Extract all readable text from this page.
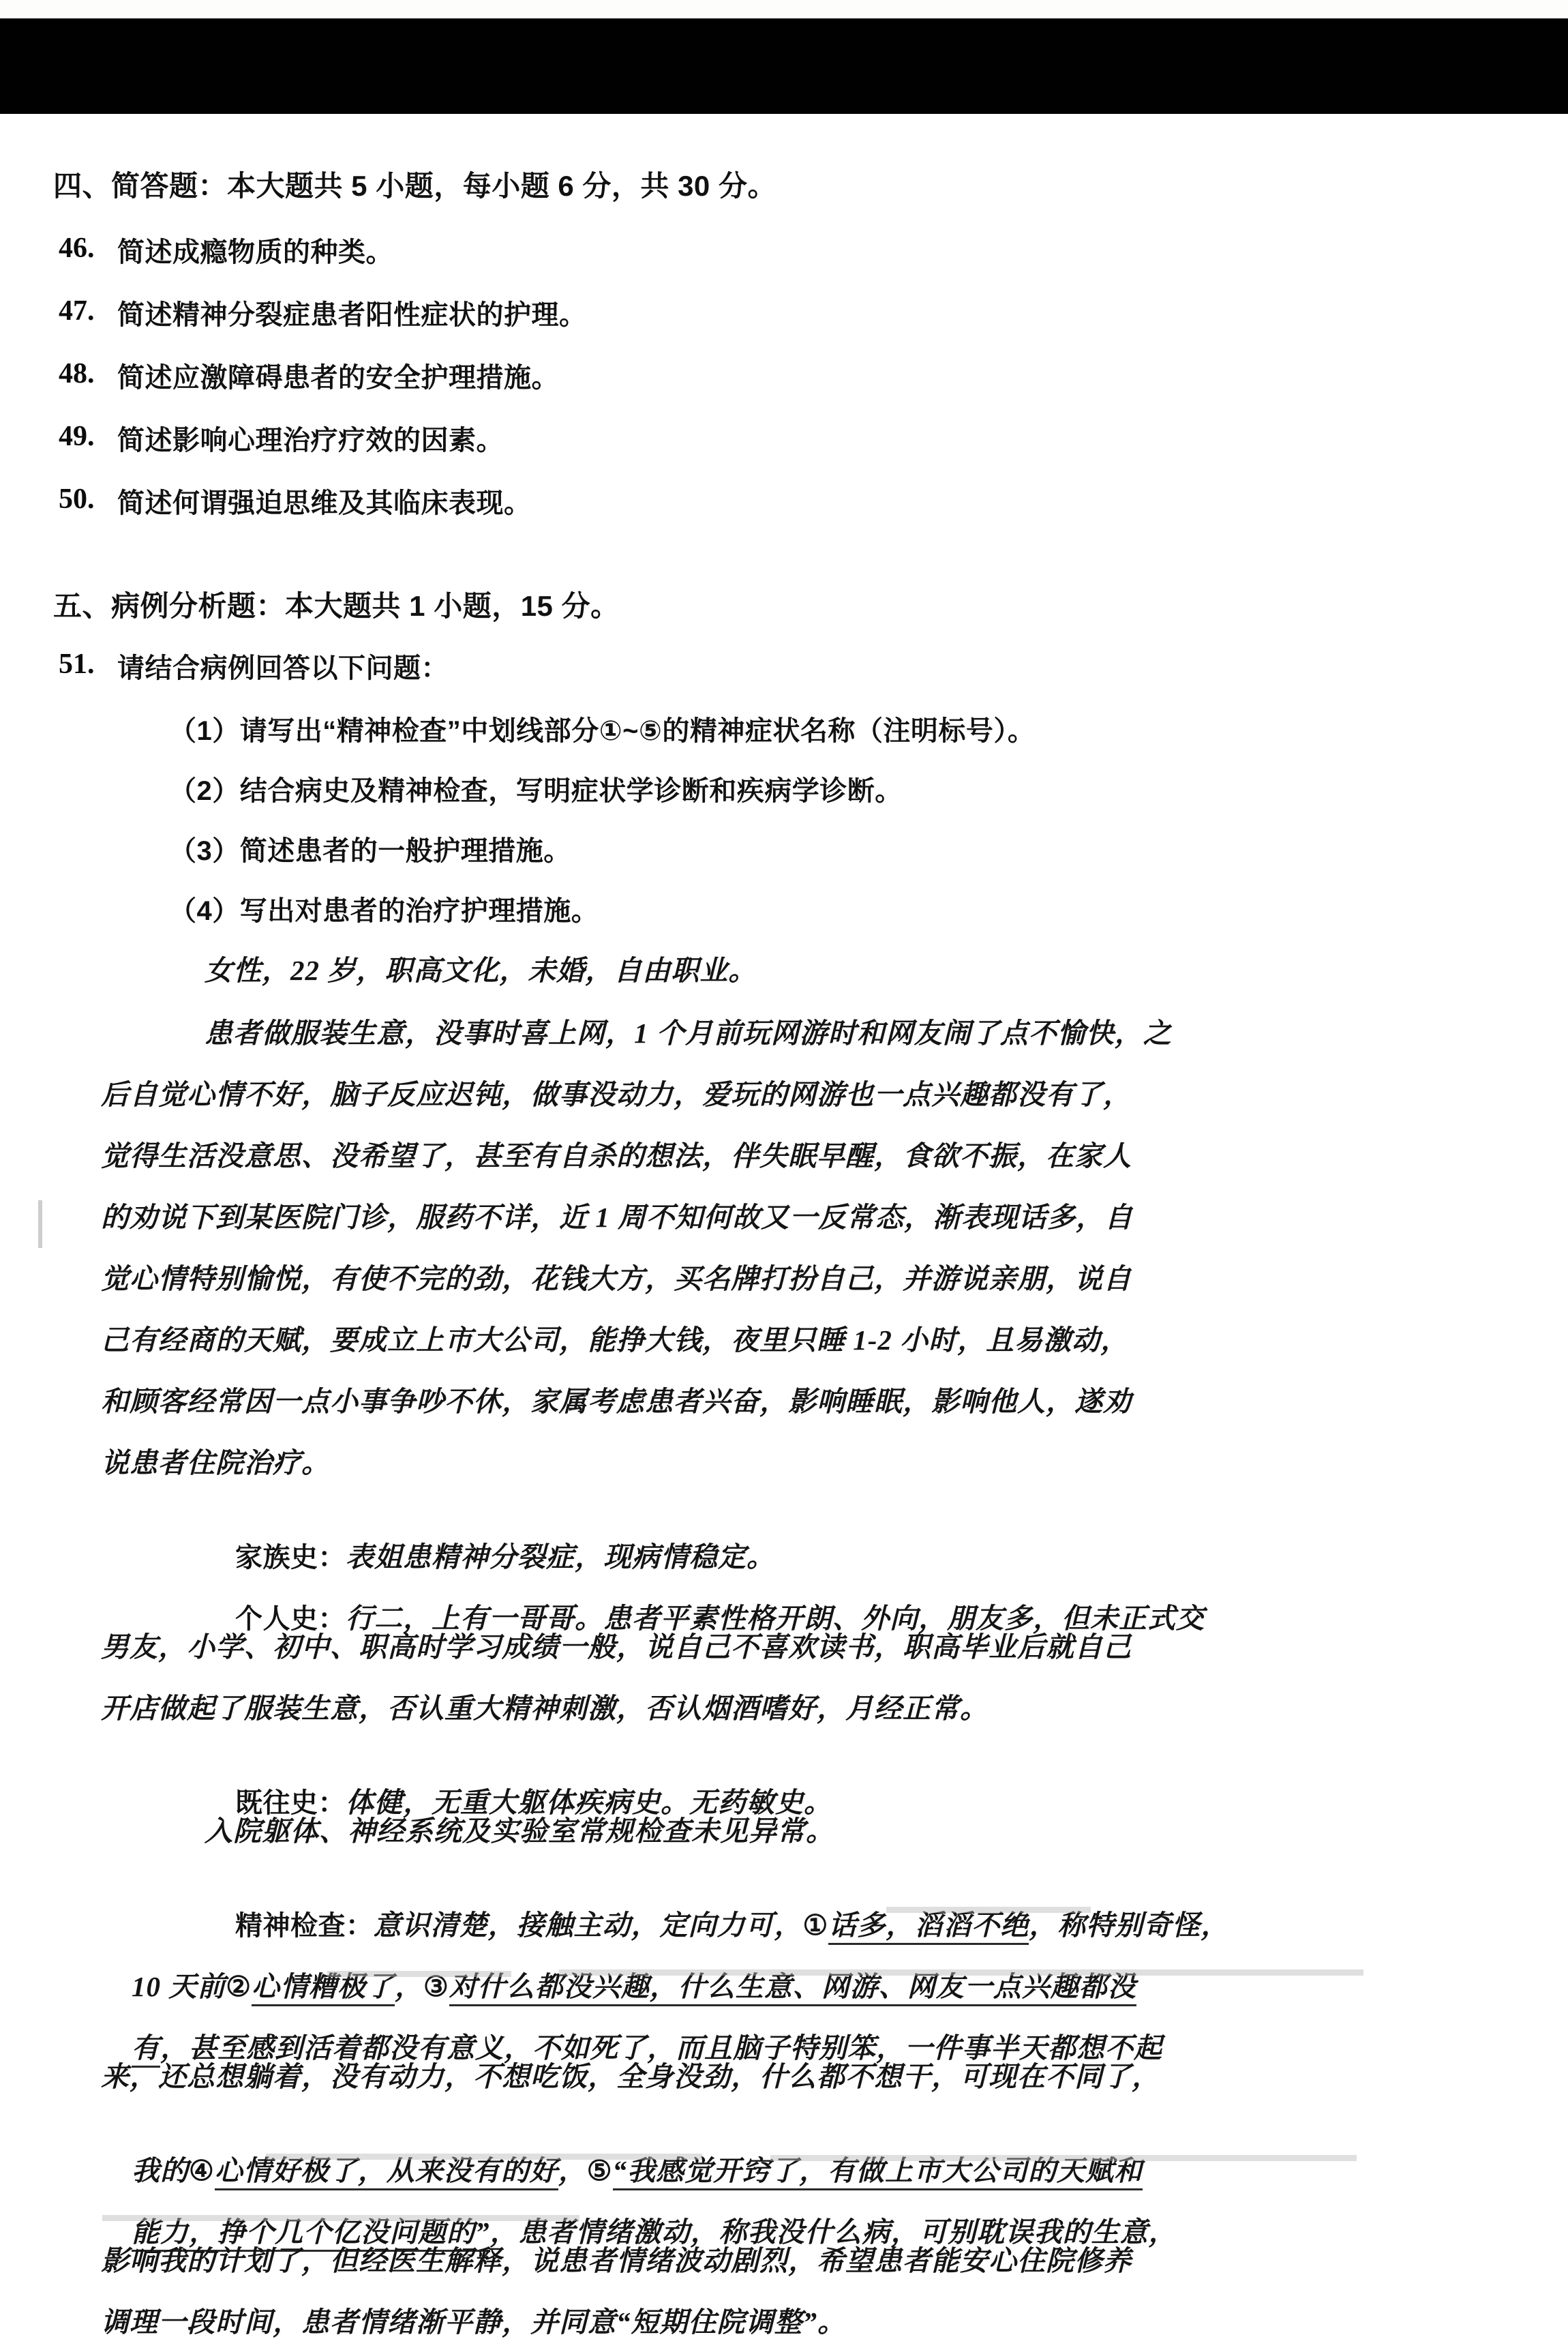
四、简答题：本大题共 5 小题，每小题 6 分，共 30 分。
46. 简述成瘾物质的种类。
47. 简述精神分裂症患者阳性症状的护理。
48. 简述应激障碍患者的安全护理措施。
49. 简述影响心理治疗疗效的因素。
50. 简述何谓强迫思维及其临床表现。
五、病例分析题：本大题共 1 小题，15 分。
51. 请结合病例回答以下问题：
（1）请写出“精神检查”中划线部分①~⑤的精神症状名称（注明标号）。
（2）结合病史及精神检查，写明症状学诊断和疾病学诊断。
（3）简述患者的一般护理措施。
（4）写出对患者的治疗护理措施。
女性，22 岁，职高文化，未婚，自由职业。
患者做服装生意，没事时喜上网，1 个月前玩网游时和网友闹了点不愉快，之
后自觉心情不好，脑子反应迟钝，做事没动力，爱玩的网游也一点兴趣都没有了，
觉得生活没意思、没希望了，甚至有自杀的想法，伴失眠早醒，食欲不振，在家人
的劝说下到某医院门诊，服药不详，近 1 周不知何故又一反常态，渐表现话多，自
觉心情特别愉悦，有使不完的劲，花钱大方，买名牌打扮自己，并游说亲朋，说自
己有经商的天赋，要成立上市大公司，能挣大钱，夜里只睡 1-2 小时，且易激动，
和顾客经常因一点小事争吵不休，家属考虑患者兴奋，影响睡眠，影响他人，遂劝
说患者住院治疗。

家族史：表姐患精神分裂症，现病情稳定。

个人史：行二，上有一哥哥。患者平素性格开朗、外向，朋友多，但未正式交

男友，小学、初中、职高时学习成绩一般，说自己不喜欢读书，职高毕业后就自己
开店做起了服装生意，否认重大精神刺激，否认烟酒嗜好，月经正常。

既往史：体健，无重大躯体疾病史。无药敏史。

入院躯体、神经系统及实验室常规检查未见异常。

精神检查：意识清楚，接触主动，定向力可，①话多，滔滔不绝，称特别奇怪，

10 天前②心情糟极了，③对什么都没兴趣，什么生意、网游、网友一点兴趣都没

有，甚至感到活着都没有意义，不如死了，而且脑子特别笨，一件事半天都想不起

来，还总想躺着，没有动力，不想吃饭，全身没劲，什么都不想干，可现在不同了，

我的④心情好极了，从来没有的好，⑤“我感觉开窍了，有做上市大公司的天赋和

能力，挣个几个亿没问题的”，患者情绪激动，称我没什么病，可别耽误我的生意，

影响我的计划了，但经医生解释，说患者情绪波动剧烈，希望患者能安心住院修养
调理一段时间，患者情绪渐平静，并同意“短期住院调整”。
